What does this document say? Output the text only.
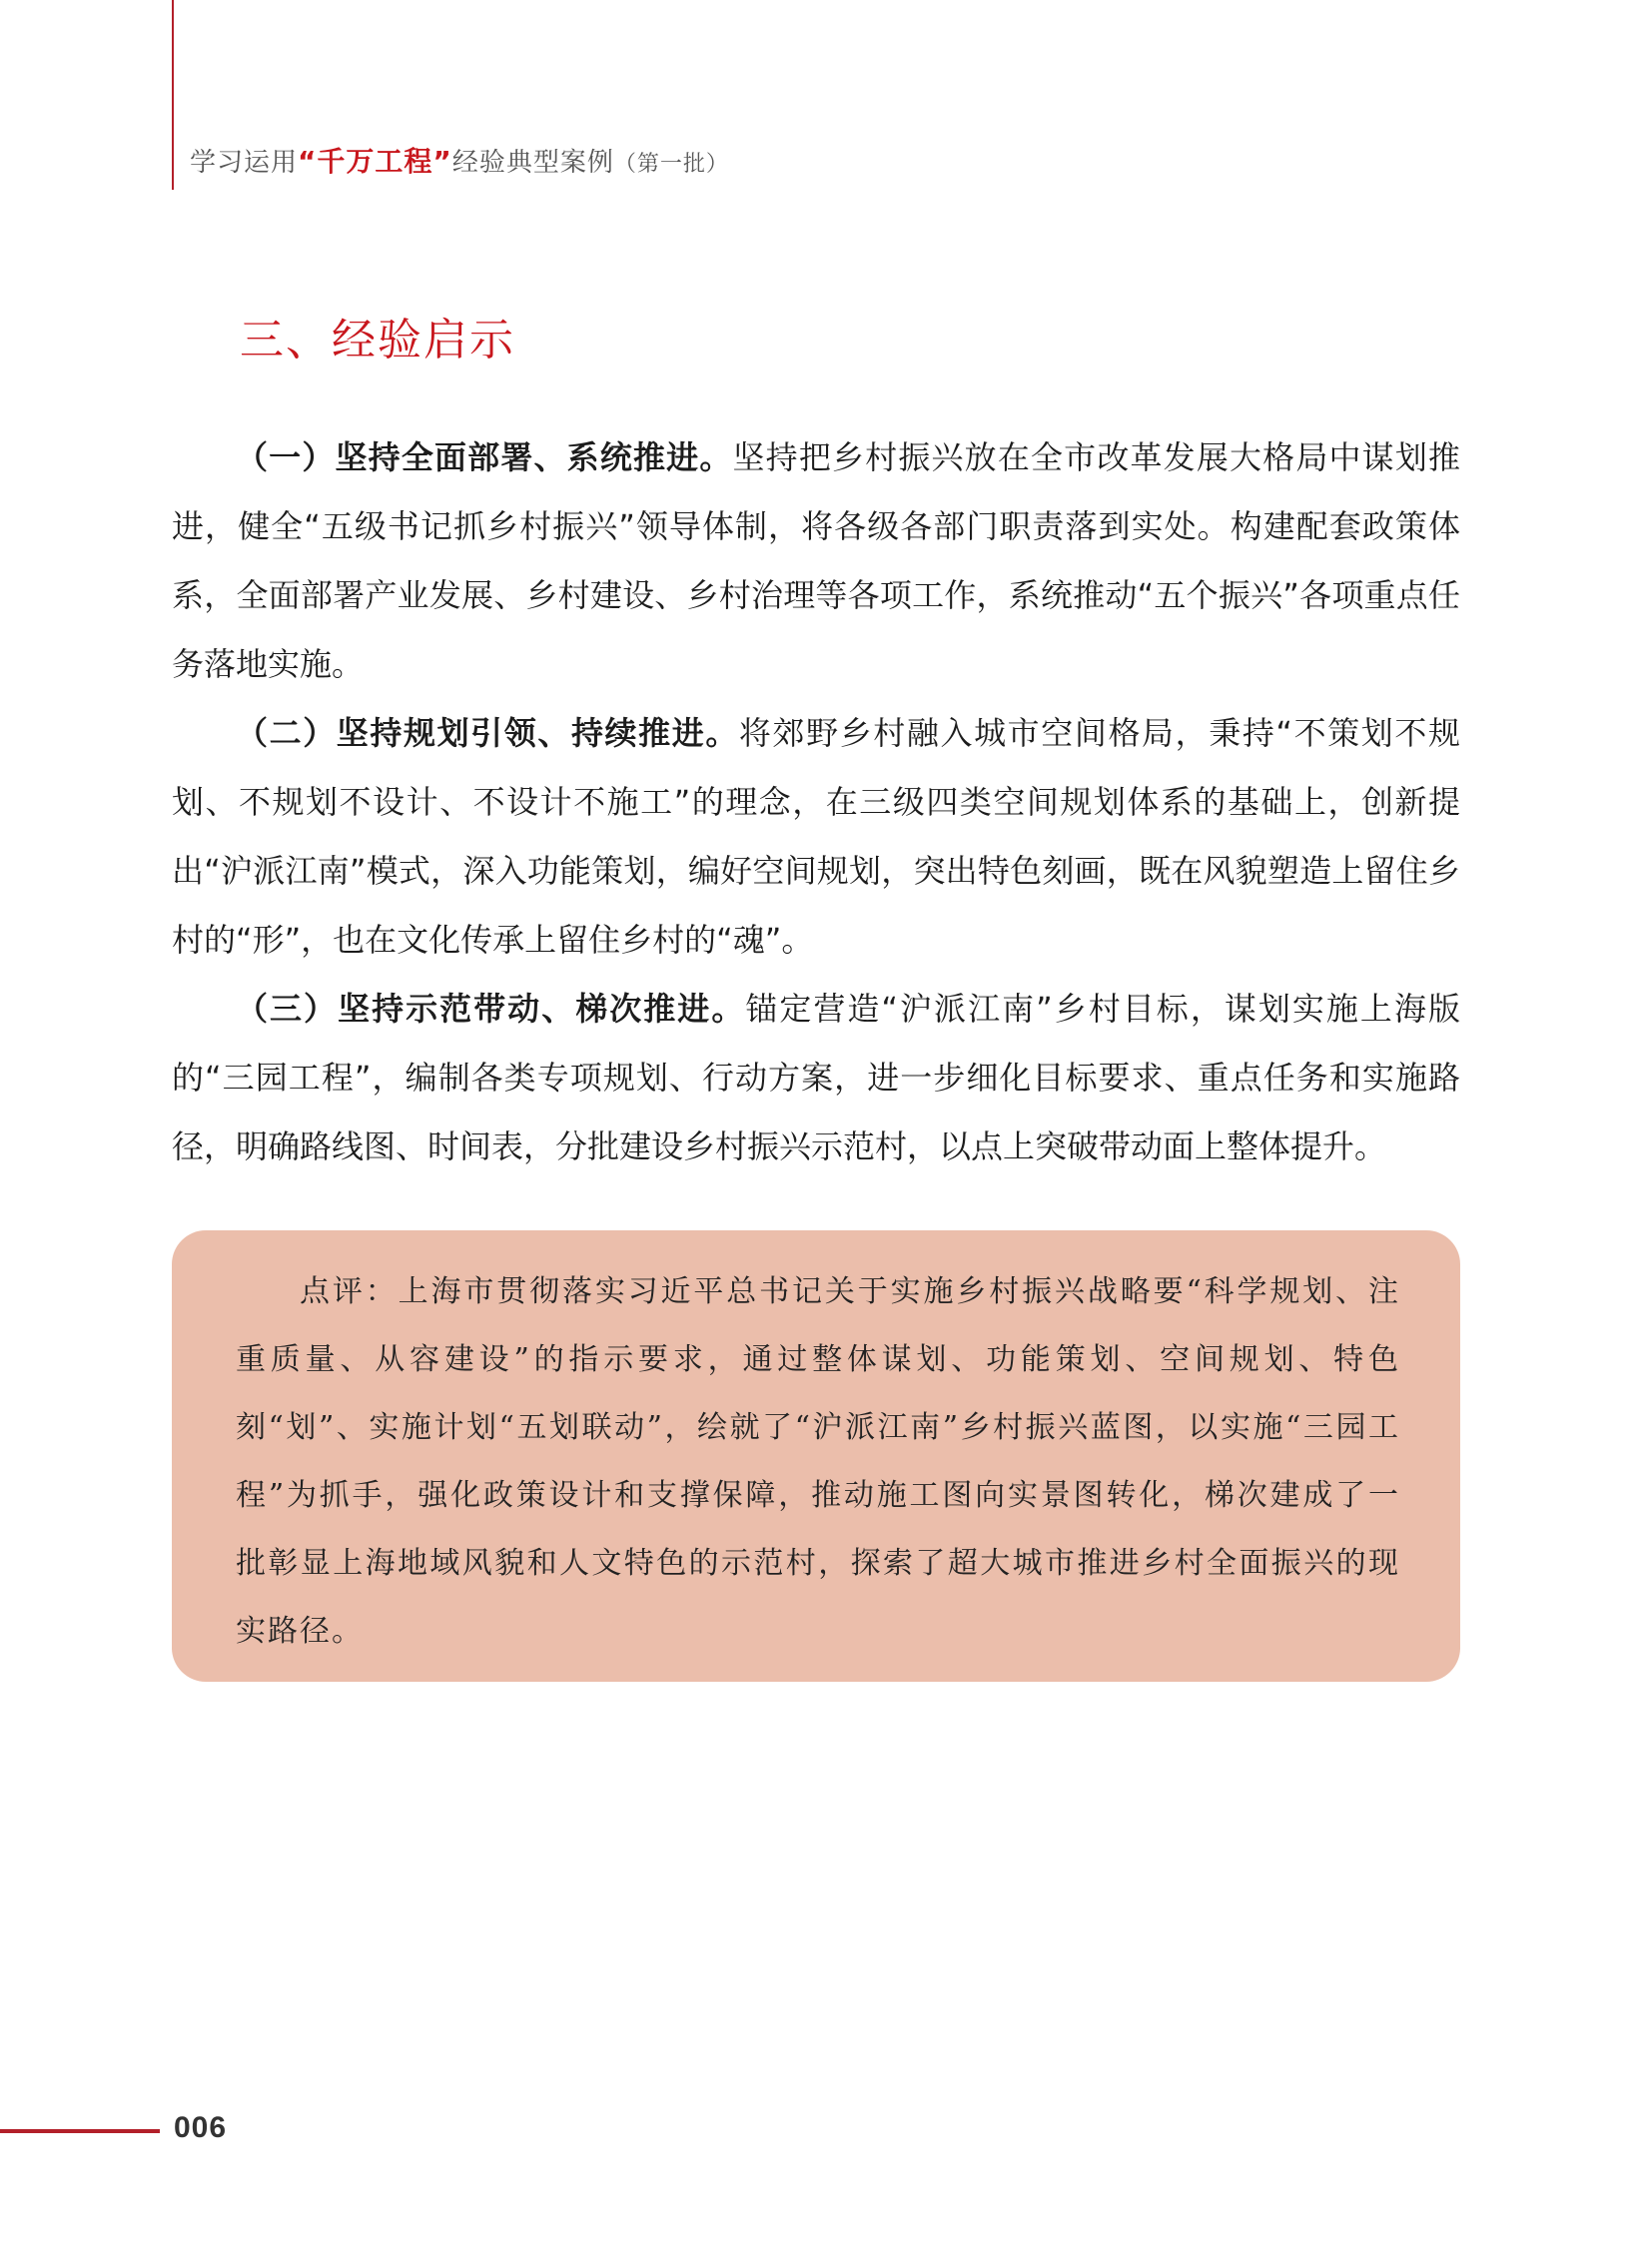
学习运用“千万工程”经验典型案例（第一批）
三、经验启示

（一）坚持全面部署、系统推进。坚持把乡村振兴放在全市改革发展大格局中谋划推进，健全“五级书记抓乡村振兴”领导体制，将各级各部门职责落到实处。构建配套政策体系，全面部署产业发展、乡村建设、乡村治理等各项工作，系统推动“五个振兴”各项重点任务落地实施。

（二）坚持规划引领、持续推进。将郊野乡村融入城市空间格局，秉持“不策划不规划、不规划不设计、不设计不施工”的理念，在三级四类空间规划体系的基础上，创新提出“沪派江南”模式，深入功能策划，编好空间规划，突出特色刻画，既在风貌塑造上留住乡村的“形”，也在文化传承上留住乡村的“魂”。

（三）坚持示范带动、梯次推进。锚定营造“沪派江南”乡村目标，谋划实施上海版的“三园工程”，编制各类专项规划、行动方案，进一步细化目标要求、重点任务和实施路径，明确路线图、时间表，分批建设乡村振兴示范村，以点上突破带动面上整体提升。

点评：上海市贯彻落实习近平总书记关于实施乡村振兴战略要“科学规划、注重质量、从容建设”的指示要求，通过整体谋划、功能策划、空间规划、特色刻“划”、实施计划“五划联动”，绘就了“沪派江南”乡村振兴蓝图，以实施“三园工程”为抓手，强化政策设计和支撑保障，推动施工图向实景图转化，梯次建成了一批彰显上海地域风貌和人文特色的示范村，探索了超大城市推进乡村全面振兴的现实路径。

006
